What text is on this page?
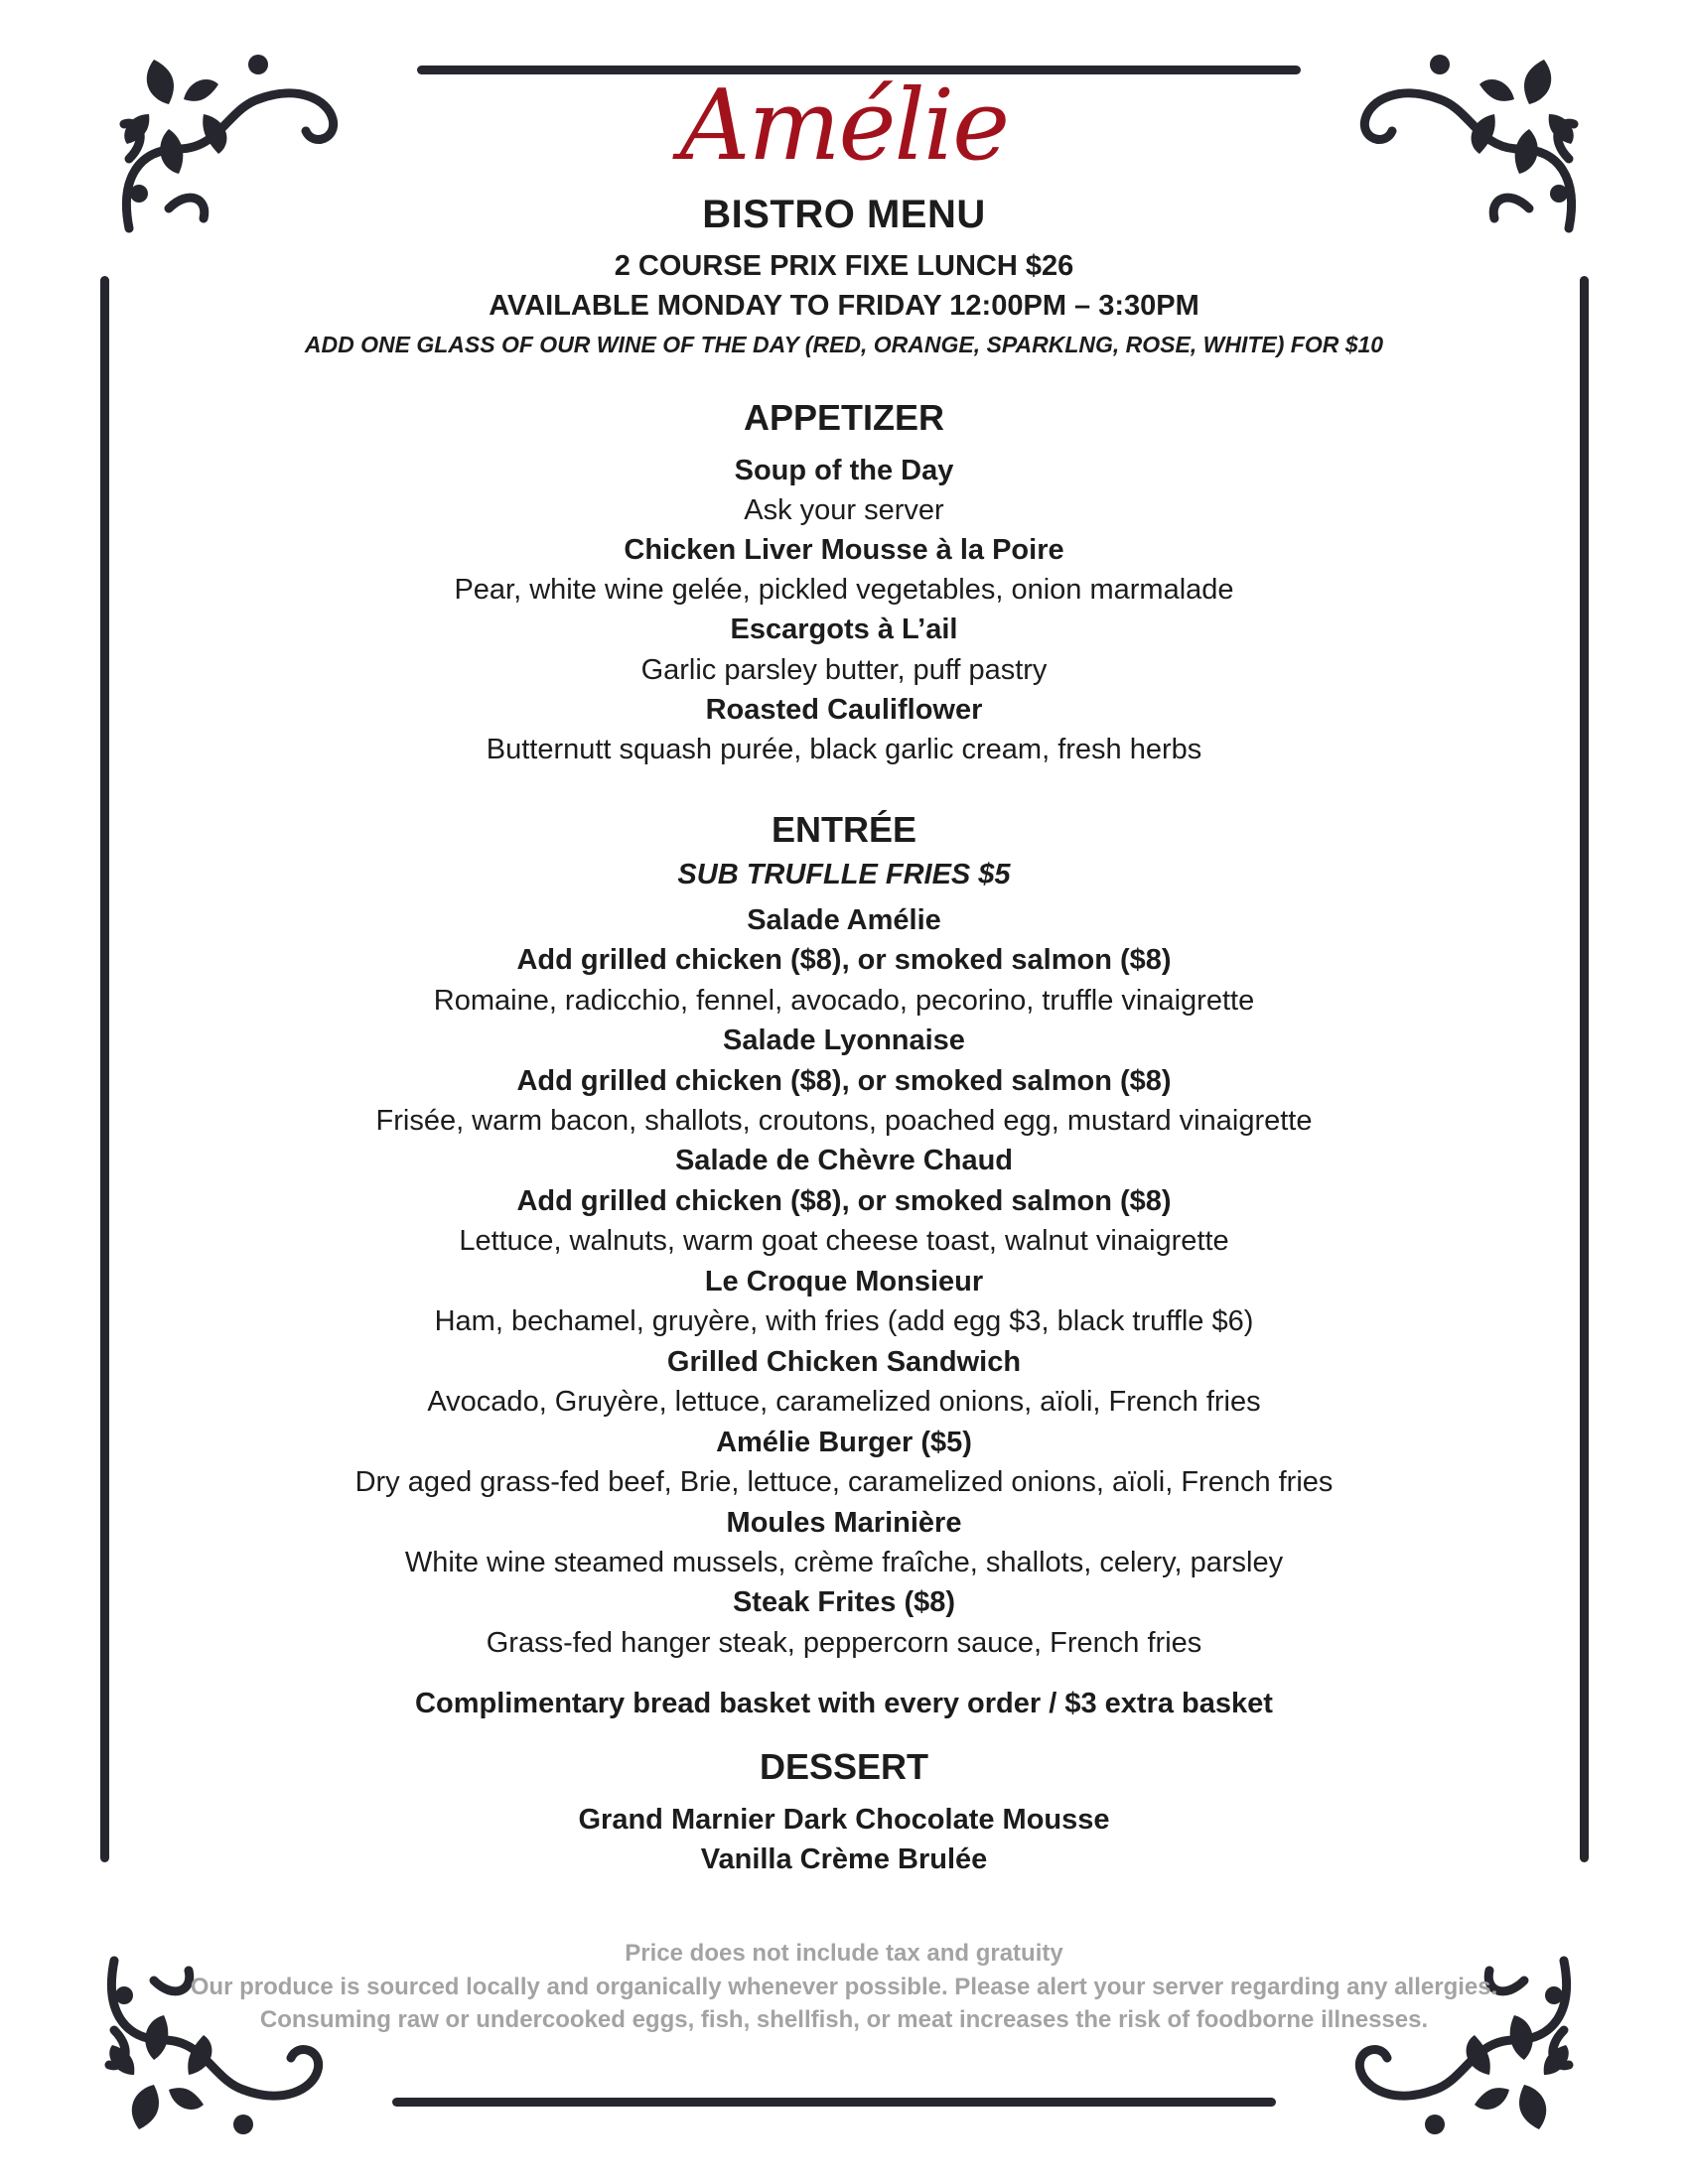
Amélie
BISTRO MENU
2 COURSE PRIX FIXE LUNCH $26
AVAILABLE MONDAY TO FRIDAY 12:00PM – 3:30PM
ADD ONE GLASS OF OUR WINE OF THE DAY (RED, ORANGE, SPARKLNG, ROSE, WHITE) FOR $10
APPETIZER
Soup of the Day
Ask your server
Chicken Liver Mousse à la Poire
Pear, white wine gelée, pickled vegetables, onion marmalade
Escargots à L’ail
Garlic parsley butter, puff pastry
Roasted Cauliflower
Butternutt squash purée, black garlic cream, fresh herbs
ENTRÉE
SUB TRUFLLE FRIES $5
Salade Amélie
Add grilled chicken ($8), or smoked salmon ($8)
Romaine, radicchio, fennel, avocado, pecorino, truffle vinaigrette
Salade Lyonnaise
Add grilled chicken ($8), or smoked salmon ($8)
Frisée, warm bacon, shallots, croutons, poached egg, mustard vinaigrette
Salade de Chèvre Chaud
Add grilled chicken ($8), or smoked salmon ($8)
Lettuce, walnuts, warm goat cheese toast, walnut vinaigrette
Le Croque Monsieur
Ham, bechamel, gruyère, with fries (add egg $3, black truffle $6)
Grilled Chicken Sandwich
Avocado, Gruyère, lettuce, caramelized onions, aïoli, French fries
Amélie Burger ($5)
Dry aged grass-fed beef, Brie, lettuce, caramelized onions, aïoli, French fries
Moules Marinière
White wine steamed mussels, crème fraîche, shallots, celery, parsley
Steak Frites ($8)
Grass-fed hanger steak, peppercorn sauce, French fries
Complimentary bread basket with every order / $3 extra basket
DESSERT
Grand Marnier Dark Chocolate Mousse
Vanilla Crème Brulée
Price does not include tax and gratuity
Our produce is sourced locally and organically whenever possible. Please alert your server regarding any allergies.
Consuming raw or undercooked eggs, fish, shellfish, or meat increases the risk of foodborne illnesses.
